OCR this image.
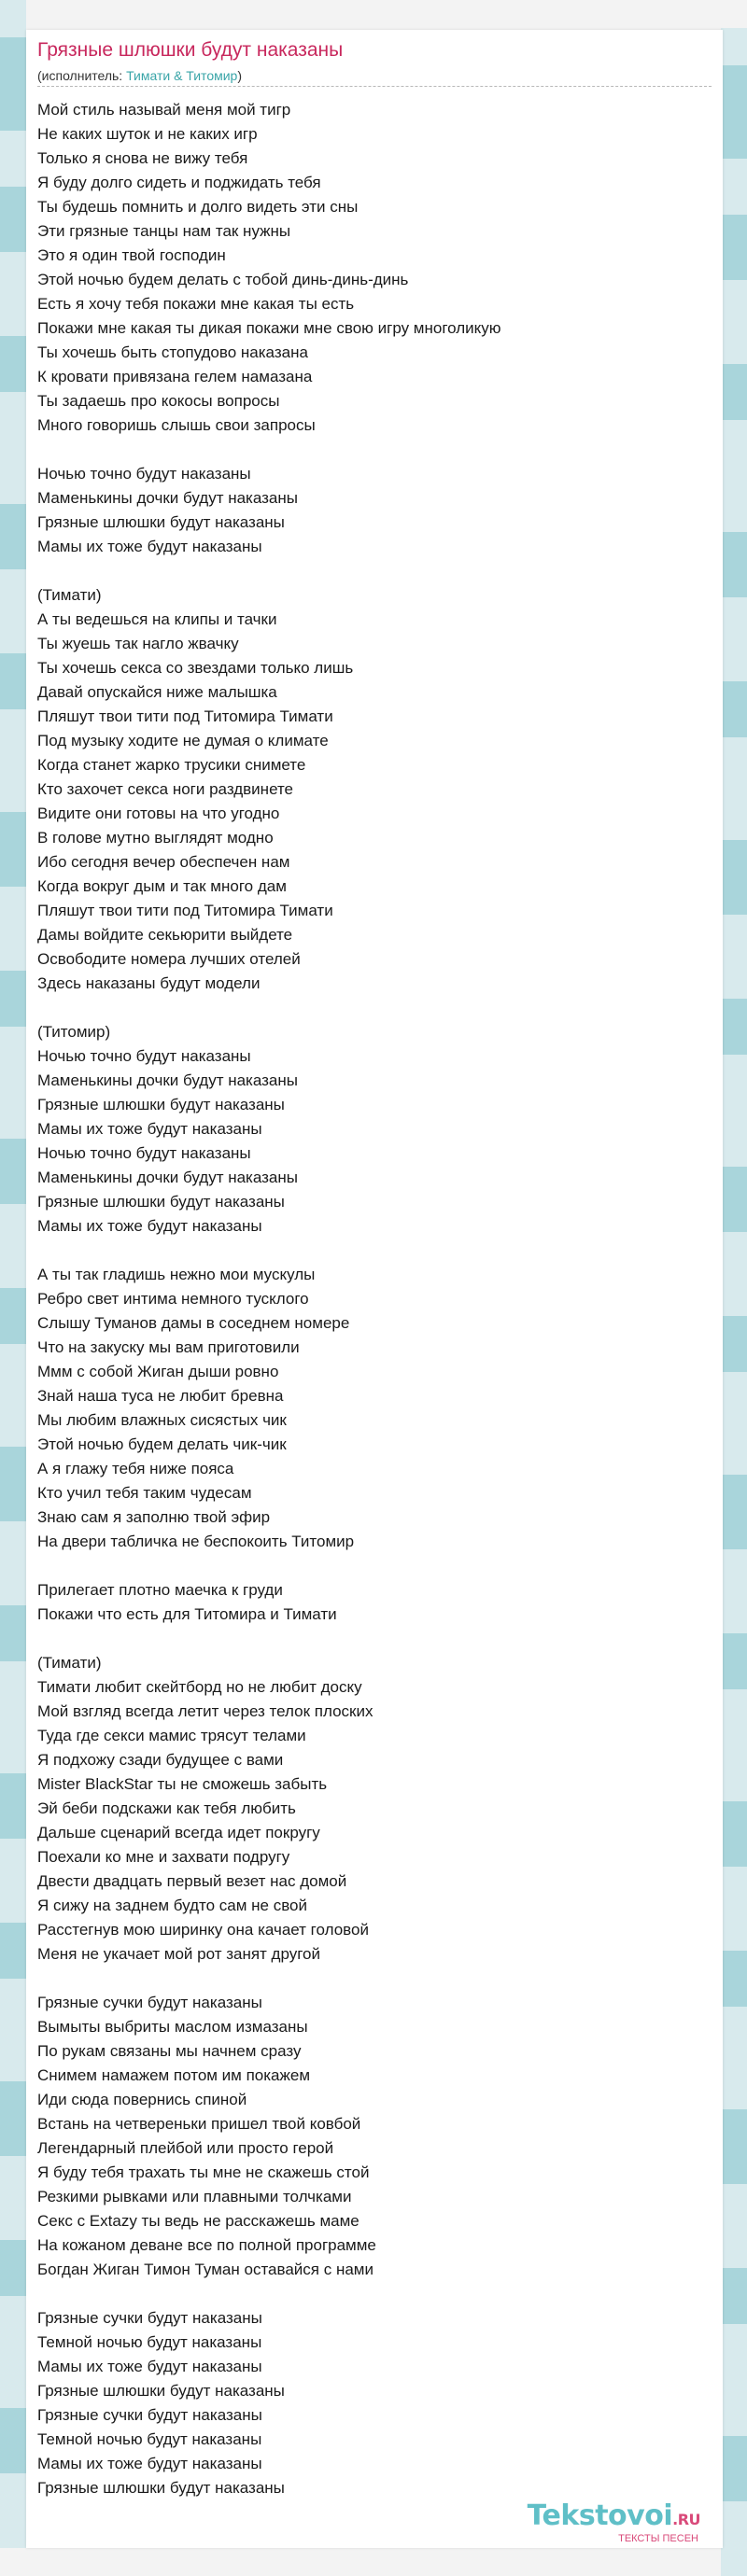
Грязные шлюшки будут наказаны
(исполнитель: Тимати & Титомир)
Мой стиль называй меня мой тигр
Не каких шуток и не каких игр
Только я снова не вижу тебя
Я буду долго сидеть и поджидать тебя
Ты будешь помнить и долго видеть эти сны
Эти грязные танцы нам так нужны
Это я один твой господин
Этой ночью будем делать с тобой динь-динь-динь
Есть я хочу тебя покажи мне какая ты есть
Покажи мне какая ты дикая покажи мне свою игру многоликую
Ты хочешь быть стопудово наказана
К кровати привязана гелем намазана
Ты задаешь про кокосы вопросы
Много говоришь слышь свои запросы
Ночью точно будут наказаны
Маменькины дочки будут наказаны
Грязные шлюшки будут наказаны
Мамы их тоже будут наказаны
(Тимати)
А ты ведешься на клипы и тачки
Ты жуешь так нагло жвачку
Ты хочешь секса со звездами только лишь
Давай опускайся ниже малышка
Пляшут твои тити под Титомира Тимати
Под музыку ходите не думая о климате
Когда станет жарко трусики снимете
Кто захочет секса ноги раздвинете
Видите они готовы на что угодно
В голове мутно выглядят модно
Ибо сегодня вечер обеспечен нам
Когда вокруг дым и так много дам
Пляшут твои тити под Титомира Тимати
Дамы войдите секьюрити выйдете
Освободите номера лучших отелей
Здесь наказаны будут модели
(Титомир)
Ночью точно будут наказаны
Маменькины дочки будут наказаны
Грязные шлюшки будут наказаны
Мамы их тоже будут наказаны
Ночью точно будут наказаны
Маменькины дочки будут наказаны
Грязные шлюшки будут наказаны
Мамы их тоже будут наказаны
А ты так гладишь нежно мои мускулы
Ребро свет интима немного тусклого
Слышу Туманов дамы в соседнем номере
Что на закуску мы вам приготовили
Ммм с собой Жиган дыши ровно
Знай наша туса не любит бревна
Мы любим влажных сисястых чик
Этой ночью будем делать чик-чик
А я глажу тебя ниже пояса
Кто учил тебя таким чудесам
Знаю сам я заполню твой эфир
На двери табличка не беспокоить Титомир
Прилегает плотно маечка к груди
Покажи что есть для Титомира и Тимати
(Тимати)
Тимати любит скейтборд но не любит доску
Мой взгляд всегда летит через телок плоских
Туда где секси мамис трясут телами
Я подхожу сзади будущее с вами
Mister BlackStar ты не сможешь забыть
Эй беби подскажи как тебя любить
Дальше сценарий всегда идет покругу
Поехали ко мне и захвати подругу
Двести двадцать первый везет нас домой
Я сижу на заднем будто сам не свой
Расстегнув мою ширинку она качает головой
Меня не укачает мой рот занят другой
Грязные сучки будут наказаны
Вымыты выбриты маслом измазаны
По рукам связаны мы начнем сразу
Снимем намажем потом им покажем
Иди сюда повернись спиной
Встань на четвереньки пришел твой ковбой
Легендарный плейбой или просто герой
Я буду тебя трахать ты мне не скажешь стой
Резкими рывками или плавными толчками
Секс с Extazy ты ведь не расскажешь маме
На кожаном деване все по полной программе
Богдан Жиган Тимон Туман оставайся с нами
Грязные сучки будут наказаны
Темной ночью будут наказаны
Мамы их тоже будут наказаны
Грязные шлюшки будут наказаны
Грязные сучки будут наказаны
Темной ночью будут наказаны
Мамы их тоже будут наказаны
Грязные шлюшки будут наказаны
Tekstovoi.RU
ТЕКСТЫ ПЕСЕН
